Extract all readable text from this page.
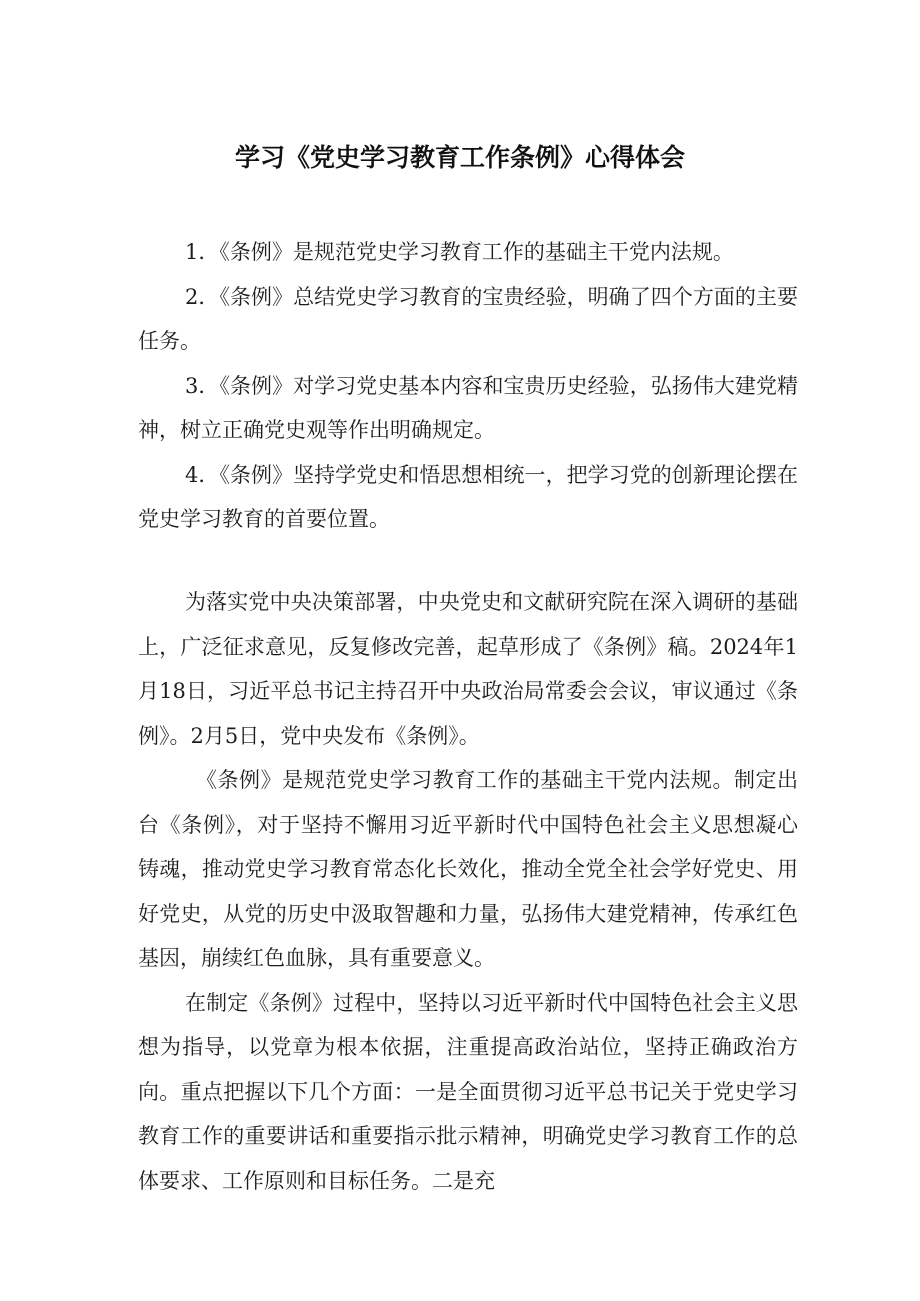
学习《党史学习教育工作条例》心得体会

1．《条例》是规范党史学习教育工作的基础主干党内法规。

2．《条例》总结党史学习教育的宝贵经验，明确了四个方面的主要任务。

3．《条例》对学习党史基本内容和宝贵历史经验，弘扬伟大建党精神，树立正确党史观等作出明确规定。

4．《条例》坚持学党史和悟思想相统一，把学习党的创新理论摆在党史学习教育的首要位置。

为落实党中央决策部署，中央党史和文献研究院在深入调研的基础上，广泛征求意见，反复修改完善，起草形成了《条例》稿。2024年1月18日，习近平总书记主持召开中央政治局常委会会议，审议通过《条例》。2月5日，党中央发布《条例》。

《条例》是规范党史学习教育工作的基础主干党内法规。制定出台《条例》，对于坚持不懈用习近平新时代中国特色社会主义思想凝心铸魂，推动党史学习教育常态化长效化，推动全党全社会学好党史、用好党史，从党的历史中汲取智趣和力量，弘扬伟大建党精神，传承红色基因，崩续红色血脉，具有重要意义。

在制定《条例》过程中，坚持以习近平新时代中国特色社会主义思想为指导，以党章为根本依据，注重提高政治站位，坚持正确政治方向。重点把握以下几个方面：一是全面贯彻习近平总书记关于党史学习教育工作的重要讲话和重要指示批示精神，明确党史学习教育工作的总体要求、工作原则和目标任务。二是充
